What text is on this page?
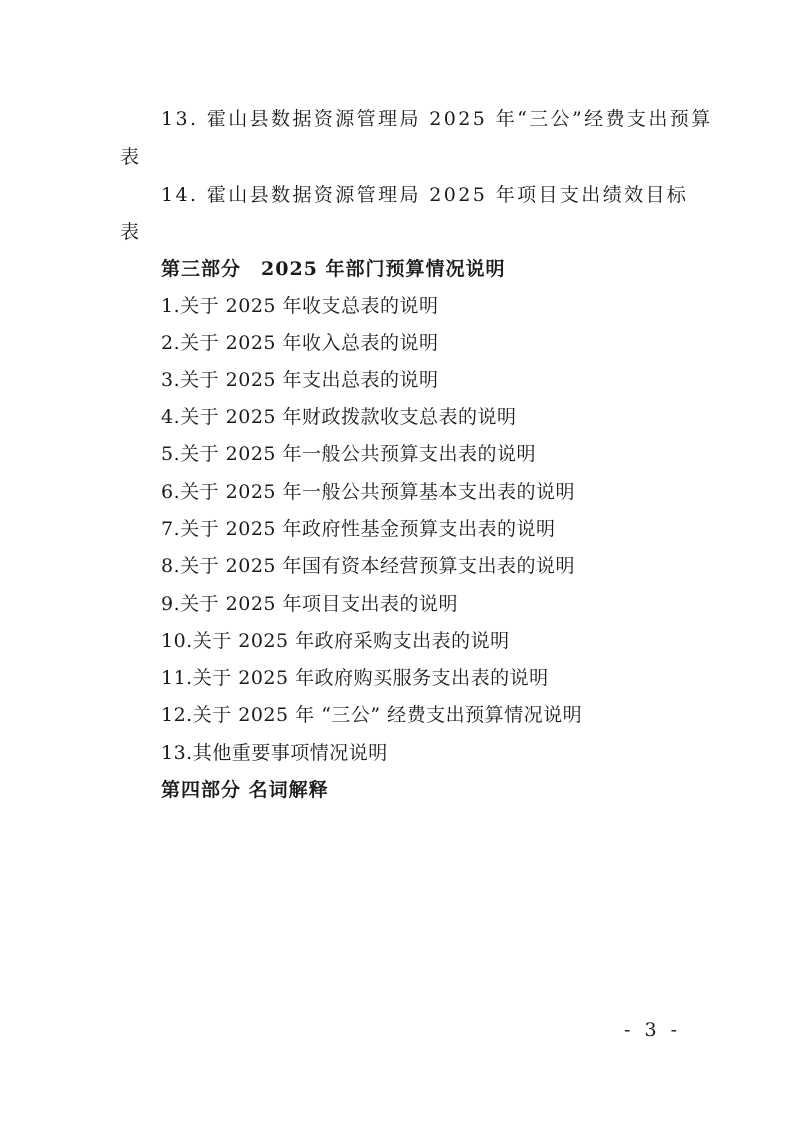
13. 霍山县数据资源管理局 2025 年“三公”经费支出预算
表
14. 霍山县数据资源管理局 2025 年项目支出绩效目标
表
第三部分　2025 年部门预算情况说明
1.关于 2025 年收支总表的说明
2.关于 2025 年收入总表的说明
3.关于 2025 年支出总表的说明
4.关于 2025 年财政拨款收支总表的说明
5.关于 2025 年一般公共预算支出表的说明
6.关于 2025 年一般公共预算基本支出表的说明
7.关于 2025 年政府性基金预算支出表的说明
8.关于 2025 年国有资本经营预算支出表的说明
9.关于 2025 年项目支出表的说明
10.关于 2025 年政府采购支出表的说明
11.关于 2025 年政府购买服务支出表的说明
12.关于 2025 年 “三公” 经费支出预算情况说明
13.其他重要事项情况说明
第四部分 名词解释
- 3 -
